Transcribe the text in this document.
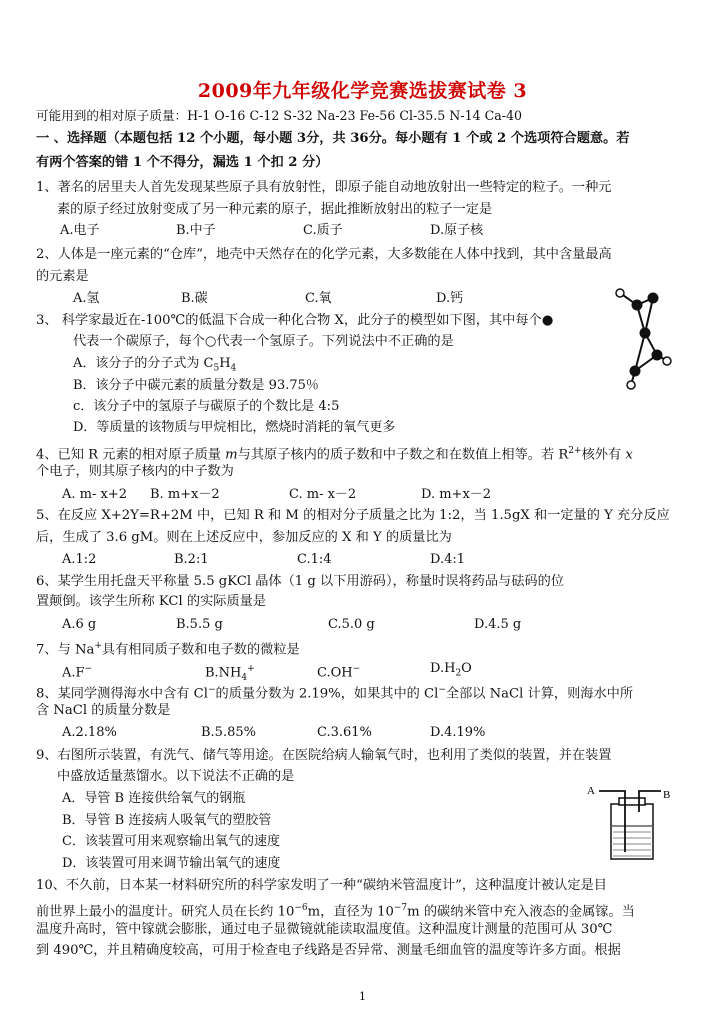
2009年九年级化学竞赛选拔赛试卷 3
可能用到的相对原子质量：H-1 O-16 C-12 S-32 Na-23 Fe-56 Cl-35.5 N-14 Ca-40
一 、选择题（本题包括 12 个小题，每小题 3分，共 36分。每小题有 1 个或 2 个选项符合题意。若
有两个答案的错 1 个不得分，漏选 1 个扣 2 分）
1、著名的居里夫人首先发现某些原子具有放射性，即原子能自动地放射出一些特定的粒子。一种元
素的原子经过放射变成了另一种元素的原子，据此推断放射出的粒子一定是
A.电子	B.中子	C.质子	D.原子核
2、人体是一座元素的“仓库”，地壳中天然存在的化学元素，大多数能在人体中找到，其中含量最高
的元素是
A.氢	B.碳	C.氧	D.钙
3、 科学家最近在-100℃的低温下合成一种化合物 X，此分子的模型如下图，其中每个●
代表一个碳原子，每个○代表一个氢原子。下列说法中不正确的是
A．该分子的分子式为 $C_5H_4$
B．该分子中碳元素的质量分数是 93.75％
c．该分子中的氢原子与碳原子的个数比是 4:5
D．等质量的该物质与甲烷相比，燃烧时消耗的氧气更多
4、已知 R 元素的相对原子质量 m与其原子核内的质子数和中子数之和在数值上相等。若 $R^{2+}$核外有 x
个电子，则其原子核内的中子数为
A. m- x+2 B. m+x－2	C. m- x－2	D. m+x－2
5、在反应 X+2Y=R+2M 中，已知 R 和 M 的相对分子质量之比为 1:2，当 1.5gX 和一定量的 Y 充分反应
后，生成了 3.6 gM。则在上述反应中，参加反应的 X 和 Y 的质量比为
A.1:2	B.2:1	C.1:4	D.4:1
6、某学生用托盘天平称量 5.5 gKCl 晶体（1 g 以下用游码），称量时误将药品与砝码的位
置颠倒。该学生所称 KCl 的实际质量是
A.6 g	B.5.5 g	C.5.0 g	D.4.5 g
7、与 Na+具有相同质子数和电子数的微粒是
A.F−	$B.NH_4^+$	C.OH−	$D.H_2O$
8、某同学测得海水中含有 Cl−的质量分数为 2.19%，如果其中的 Cl−全部以 NaCl 计算，则海水中所
含 NaCl 的质量分数是
A.2.18%	B.5.85%	C.3.61%	D.4.19%
9、右图所示装置，有洗气、储气等用途。在医院给病人输氧气时，也利用了类似的装置，并在装置
中盛放适量蒸馏水。以下说法不正确的是
A．导管 B 连接供给氧气的钢瓶
B．导管 B 连接病人吸氧气的塑胶管
C．该装置可用来观察输出氧气的速度
D．该装置可用来调节输出氧气的速度
A	B
10、不久前，日本某一材料研究所的科学家发明了一种“碳纳米管温度计”，这种温度计被认定是目
前世界上最小的温度计。研究人员在长约 $10^{-6}m$，直径为 $10^{-7}m$ 的碳纳米管中充入液态的金属镓。当
温度升高时，管中镓就会膨胀，通过电子显微镜就能读取温度值。这种温度计测量的范围可从 30℃
到 490℃，并且精确度较高，可用于检查电子线路是否异常、测量毛细血管的温度等许多方面。根据
1
